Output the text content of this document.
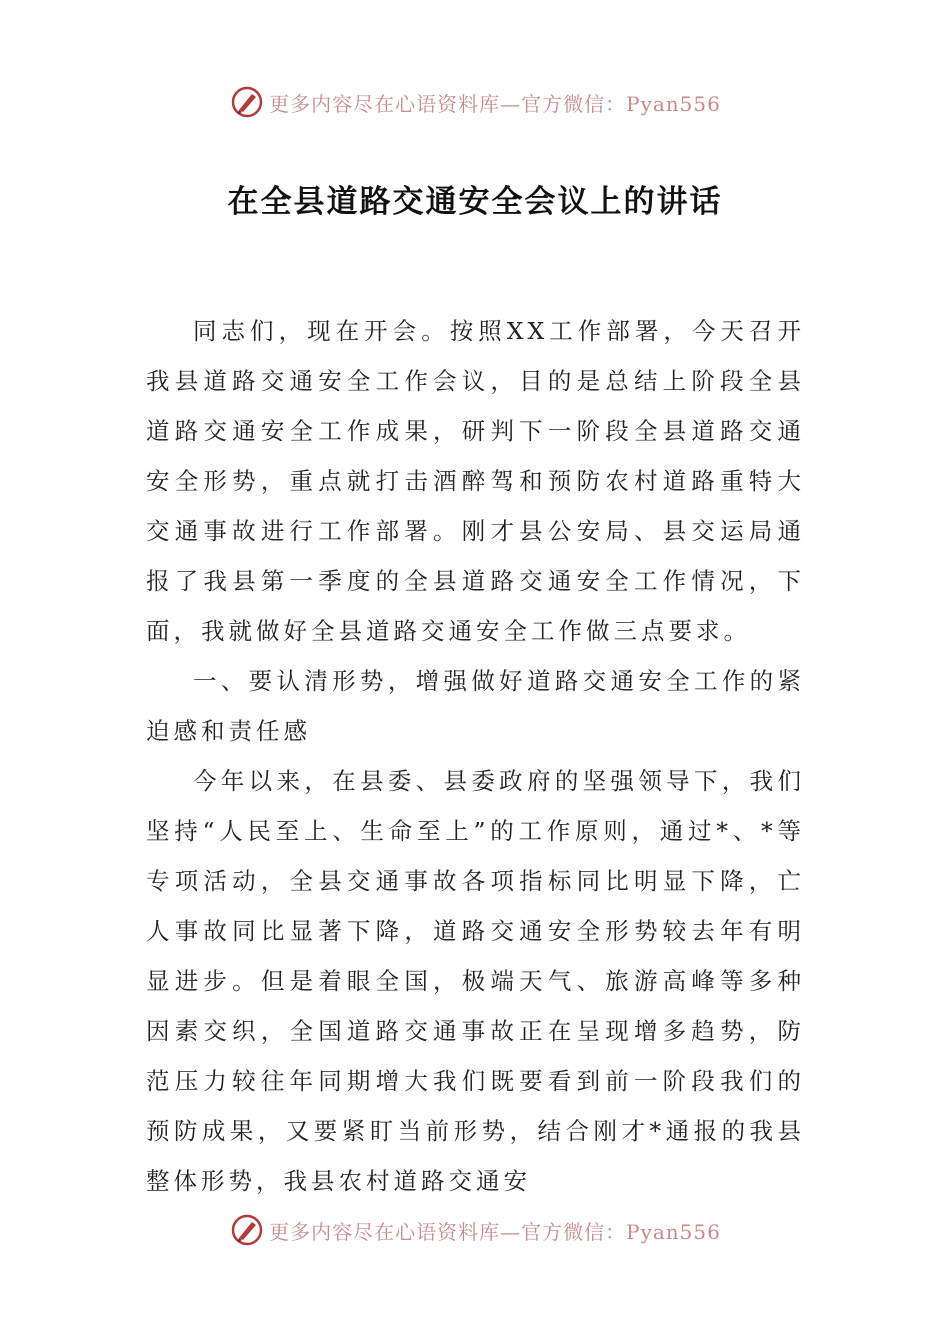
更多内容尽在心语资料库—官方微信：Pyan556
在全县道路交通安全会议上的讲话

同志们，现在开会。按照XX工作部署，今天召开我县道路交通安全工作会议，目的是总结上阶段全县道路交通安全工作成果，研判下一阶段全县道路交通安全形势，重点就打击酒醉驾和预防农村道路重特大交通事故进行工作部署。刚才县公安局、县交运局通报了我县第一季度的全县道路交通安全工作情况，下面，我就做好全县道路交通安全工作做三点要求。

一、要认清形势，增强做好道路交通安全工作的紧迫感和责任感

今年以来，在县委、县委政府的坚强领导下，我们坚持“人民至上、生命至上”的工作原则，通过*、*等专项活动，全县交通事故各项指标同比明显下降，亡人事故同比显著下降，道路交通安全形势较去年有明显进步。但是着眼全国，极端天气、旅游高峰等多种因素交织，全国道路交通事故正在呈现增多趋势，防范压力较往年同期增大我们既要看到前一阶段我们的预防成果，又要紧盯当前形势，结合刚才*通报的我县整体形势，我县农村道路交通安

更多内容尽在心语资料库—官方微信：Pyan556
